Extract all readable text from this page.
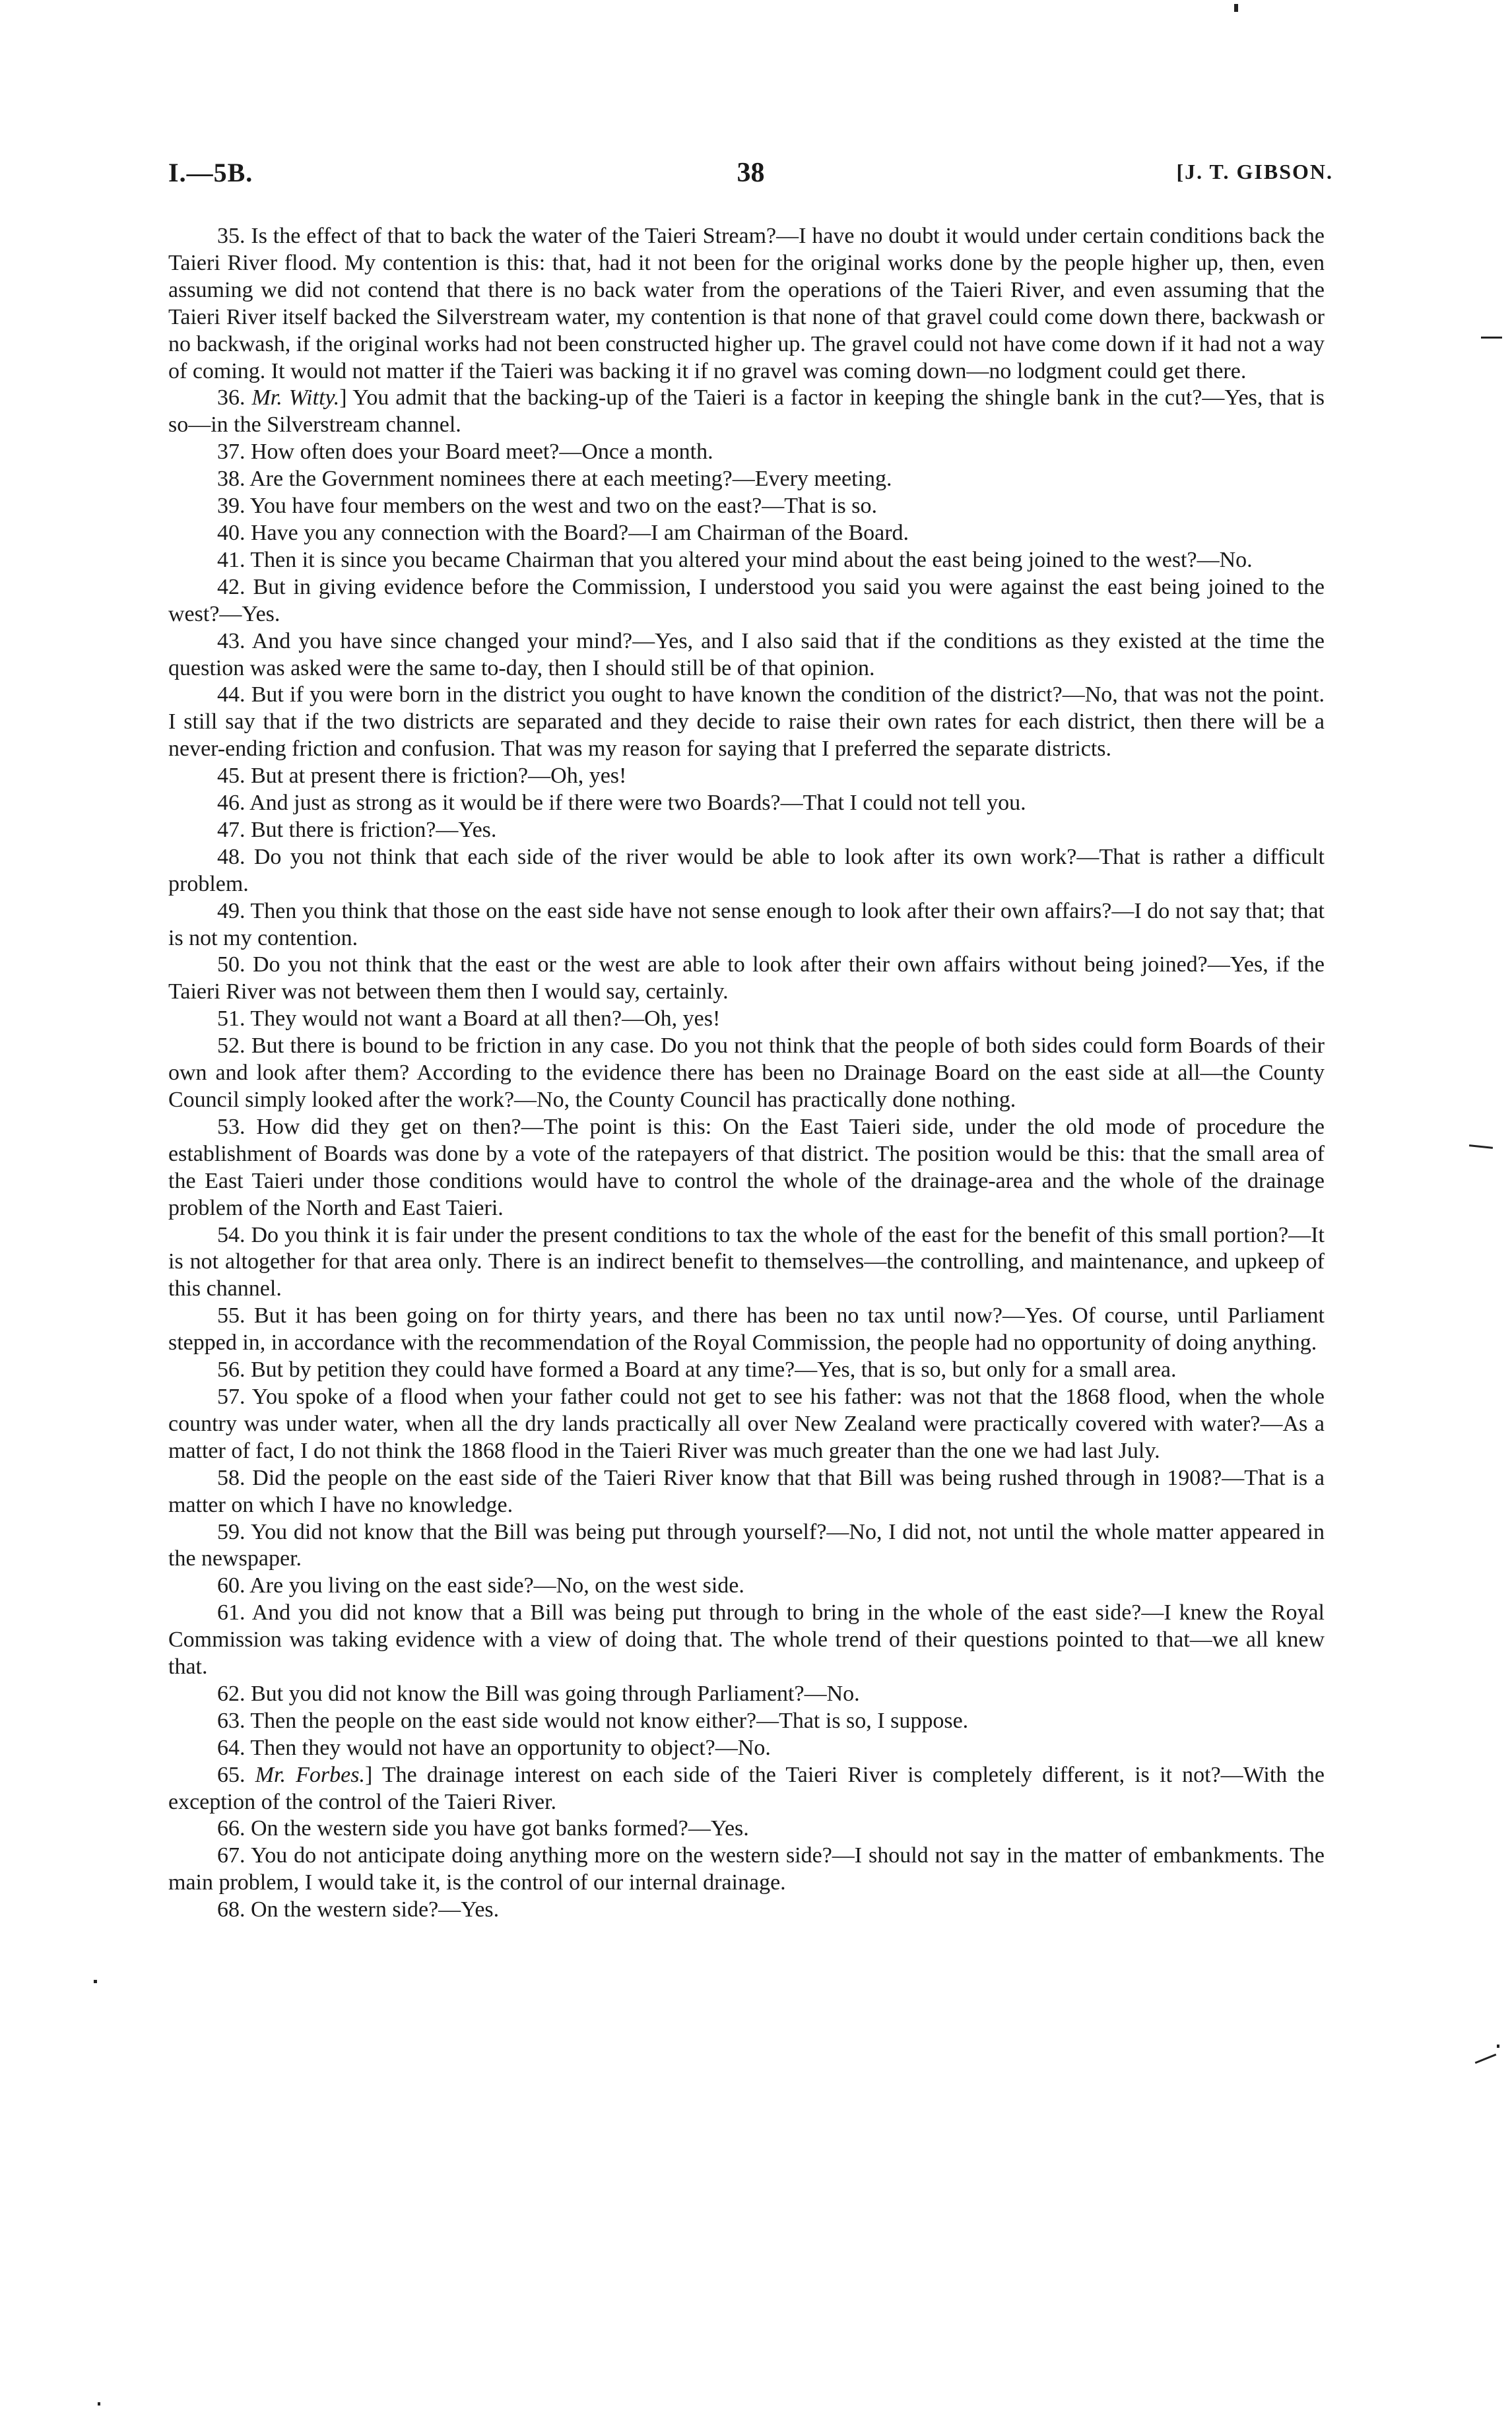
I.—5B.	38	[J. T. GIBSON.

35. Is the effect of that to back the water of the Taieri Stream?—I have no doubt it would under certain conditions back the Taieri River flood. My contention is this: that, had it not been for the original works done by the people higher up, then, even assuming we did not contend that there is no back water from the operations of the Taieri River, and even assuming that the Taieri River itself backed the Silverstream water, my contention is that none of that gravel could come down there, backwash or no backwash, if the original works had not been constructed higher up. The gravel could not have come down if it had not a way of coming. It would not matter if the Taieri was backing it if no gravel was coming down—no lodgment could get there.

36. Mr. Witty.] You admit that the backing-up of the Taieri is a factor in keeping the shingle bank in the cut?—Yes, that is so—in the Silverstream channel.

37. How often does your Board meet?—Once a month.

38. Are the Government nominees there at each meeting?—Every meeting.

39. You have four members on the west and two on the east?—That is so.

40. Have you any connection with the Board?—I am Chairman of the Board.

41. Then it is since you became Chairman that you altered your mind about the east being joined to the west?—No.

42. But in giving evidence before the Commission, I understood you said you were against the east being joined to the west?—Yes.

43. And you have since changed your mind?—Yes, and I also said that if the conditions as they existed at the time the question was asked were the same to-day, then I should still be of that opinion.

44. But if you were born in the district you ought to have known the condition of the district?—No, that was not the point. I still say that if the two districts are separated and they decide to raise their own rates for each district, then there will be a never-ending friction and confusion. That was my reason for saying that I preferred the separate districts.

45. But at present there is friction?—Oh, yes!

46. And just as strong as it would be if there were two Boards?—That I could not tell you.

47. But there is friction?—Yes.

48. Do you not think that each side of the river would be able to look after its own work?—That is rather a difficult problem.

49. Then you think that those on the east side have not sense enough to look after their own affairs?—I do not say that; that is not my contention.

50. Do you not think that the east or the west are able to look after their own affairs without being joined?—Yes, if the Taieri River was not between them then I would say, certainly.

51. They would not want a Board at all then?—Oh, yes!

52. But there is bound to be friction in any case. Do you not think that the people of both sides could form Boards of their own and look after them? According to the evidence there has been no Drainage Board on the east side at all—the County Council simply looked after the work?—No, the County Council has practically done nothing.

53. How did they get on then?—The point is this: On the East Taieri side, under the old mode of procedure the establishment of Boards was done by a vote of the ratepayers of that district. The position would be this: that the small area of the East Taieri under those conditions would have to control the whole of the drainage-area and the whole of the drainage problem of the North and East Taieri.

54. Do you think it is fair under the present conditions to tax the whole of the east for the benefit of this small portion?—It is not altogether for that area only. There is an indirect benefit to themselves—the controlling, and maintenance, and upkeep of this channel.

55. But it has been going on for thirty years, and there has been no tax until now?—Yes. Of course, until Parliament stepped in, in accordance with the recommendation of the Royal Commission, the people had no opportunity of doing anything.

56. But by petition they could have formed a Board at any time?—Yes, that is so, but only for a small area.

57. You spoke of a flood when your father could not get to see his father: was not that the 1868 flood, when the whole country was under water, when all the dry lands practically all over New Zealand were practically covered with water?—As a matter of fact, I do not think the 1868 flood in the Taieri River was much greater than the one we had last July.

58. Did the people on the east side of the Taieri River know that that Bill was being rushed through in 1908?—That is a matter on which I have no knowledge.

59. You did not know that the Bill was being put through yourself?—No, I did not, not until the whole matter appeared in the newspaper.

60. Are you living on the east side?—No, on the west side.

61. And you did not know that a Bill was being put through to bring in the whole of the east side?—I knew the Royal Commission was taking evidence with a view of doing that. The whole trend of their questions pointed to that—we all knew that.

62. But you did not know the Bill was going through Parliament?—No.

63. Then the people on the east side would not know either?—That is so, I suppose.

64. Then they would not have an opportunity to object?—No.

65. Mr. Forbes.] The drainage interest on each side of the Taieri River is completely different, is it not?—With the exception of the control of the Taieri River.

66. On the western side you have got banks formed?—Yes.

67. You do not anticipate doing anything more on the western side?—I should not say in the matter of embankments. The main problem, I would take it, is the control of our internal drainage.

68. On the western side?—Yes.
